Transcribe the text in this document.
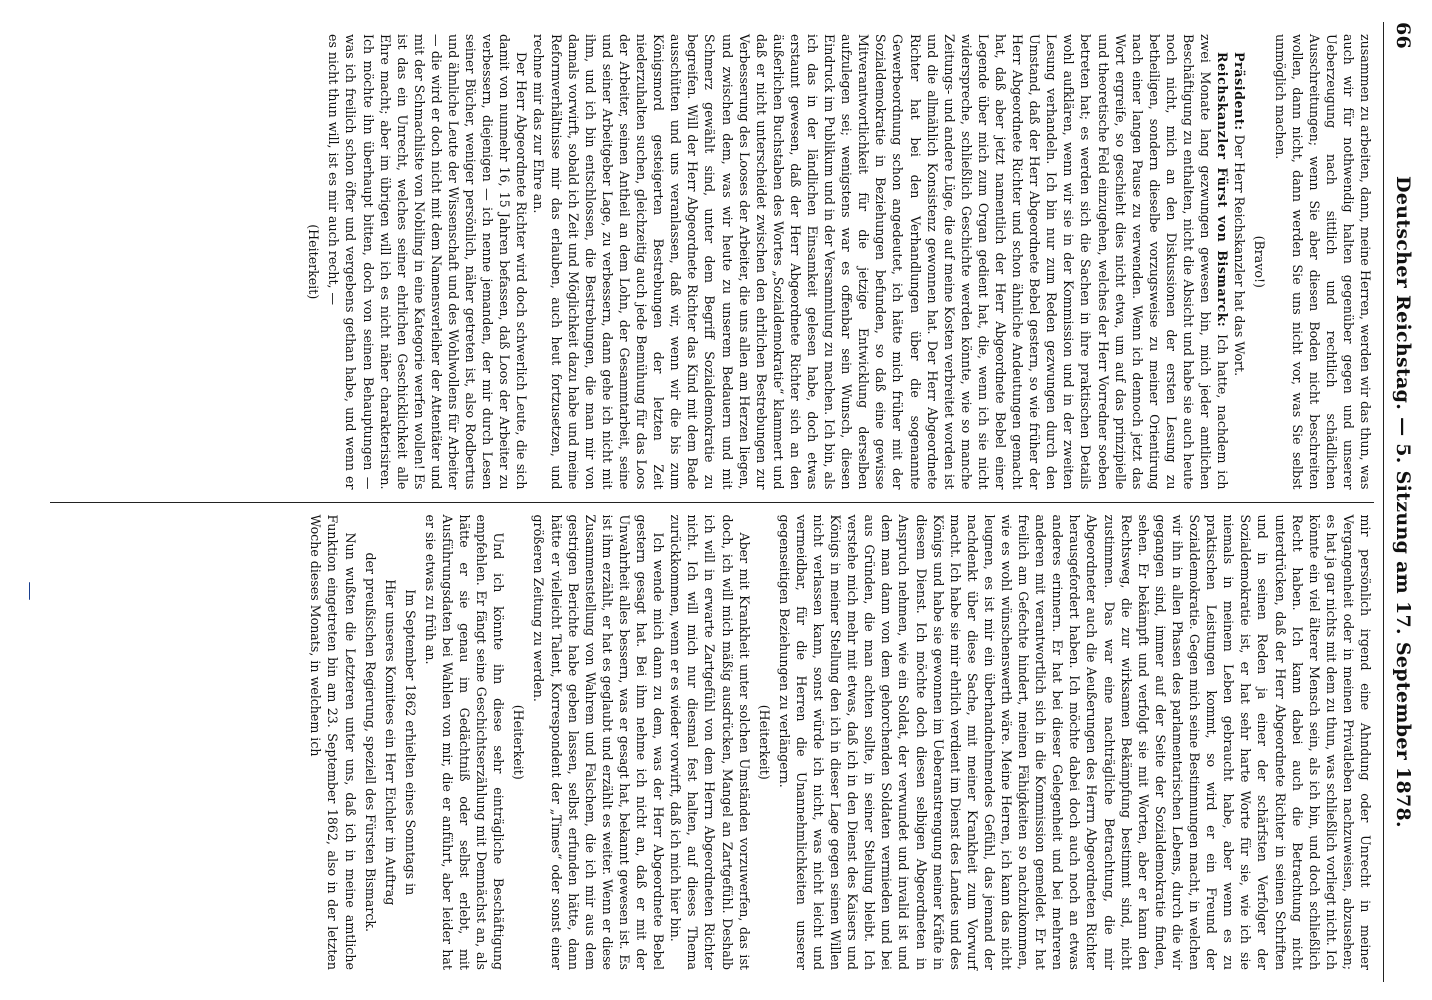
66
Deutscher Reichstag. — 5. Sitzung am 17. September 1878.

zusammen zu arbeiten, dann, meine Herren, werden wir das thun, was auch wir für nothwendig halten gegenüber gegen und unserer Ueberzeugung nach sittlich und rechtlich schädlichen Ausschreitungen; wenn Sie aber diesen Boden nicht beschreiten wollen, dann nicht, dann werden Sie uns nicht vor, was Sie selbst unmöglich machen.

(Bravo!)

Präsident: Der Herr Reichskanzler hat das Wort.

Reichskanzler Fürst von Bismarck: Ich hatte, nachdem ich zwei Monate lang gezwungen gewesen bin, mich jeder amtlichen Beschäftigung zu enthalten, nicht die Absicht und habe sie auch heute noch nicht, mich an den Diskussionen der ersten Lesung zu betheiligen, sondern dieselbe vorzugsweise zu meiner Orientirung nach einer langen Pause zu verwenden. Wenn ich dennoch jetzt das Wort ergreife, so geschieht dies nicht etwa, um auf das prinzipielle und theoretische Feld einzugehen, welches der Herr Vorredner soeben betreten hat; es werden sich die Sachen in ihre praktischen Details wohl aufklären, wenn wir sie in der Kommission und in der zweiten Lesung verhandeln. Ich bin nur zum Reden gezwungen durch den Umstand, daß der Herr Abgeordnete Bebel gestern, so wie früher der Herr Abgeordnete Richter und schon ähnliche Andeutungen gemacht hat, daß aber jetzt namentlich der Herr Abgeordnete Bebel einer Legende über mich zum Organ gedient hat, die, wenn ich sie nicht widerspreche, schließlich Geschichte werden könnte, wie so manche Zeitungs- und andere Lüge, die auf meine Kosten verbreitet worden ist und die allmählich Konsistenz gewonnen hat. Der Herr Abgeordnete Richter hat bei den Verhandlungen über die sogenannte Gewerbeordnung schon angedeutet, ich hätte mich früher mit der Sozialdemokratie in Beziehungen befunden, so daß eine gewisse Mitverantwortlichkeit für die jetzige Entwicklung derselben aufzulegen sei; wenigstens war es offenbar sein Wunsch, diesen Eindruck im Publikum und in der Versammlung zu machen. Ich bin, als ich das in der ländlichen Einsamkeit gelesen habe, doch etwas erstaunt gewesen, daß der Herr Abgeordnete Richter sich an den äußerlichen Buchstaben des Wortes „Sozialdemokratie“ klammert und daß er nicht unterscheidet zwischen den ehrlichen Bestrebungen zur Verbesserung des Looses der Arbeiter, die uns allen am Herzen liegen, und zwischen dem, was wir heute zu unserem Bedauern und mit Schmerz gewählt sind, unter dem Begriff Sozialdemokratie zu begreifen. Will der Herr Abgeordnete Richter das Kind mit dem Bade ausschütten und uns veranlassen, daß wir, wenn wir die bis zum Königsmord gesteigerten Bestrebungen der letzten Zeit niederzuhalten suchen, gleichzeitig auch jede Bemühung für das Loos der Arbeiter, seinen Antheil an dem Lohn, der Gesammtarbeit, seine und seiner Arbeitgeber Lage, zu verbessern, dann gehe ich nicht mit ihm, und ich bin entschlossen, die Bestrebungen, die man mir von damals vorwirft, sobald ich Zeit und Möglichkeit dazu habe und meine Reformverhältnisse mir das erlauben, auch heut fortzusetzen, und rechne mir das zur Ehre an.

Der Herr Abgeordnete Richter wird doch schwerlich Leute, die sich damit von nunmehr 16, 15 Jahren befassen, daß Loos der Arbeiter zu verbessern, diejenigen — ich nenne jemanden, der mir durch Lesen seiner Bücher, weniger persönlich, näher getreten ist, also Rodbertus und ähnliche Leute der Wissenschaft und des Wohlwollens für Arbeiter — die wird er doch nicht mit dem Namensverleiher der Attentäter und mit der Schmachliste von Nobiling in eine Kategorie werfen wollen! Es ist das ein Unrecht, welches seiner ehrlichen Geschicklichkeit alle Ehre macht; aber im übrigen will ich es nicht näher charakterisiren. Ich möchte ihn überhaupt bitten, doch von seinen Behauptungen — was ich freilich schon öfter und vergebens gethan habe, und wenn er es nicht thun will, ist es mir auch recht, —

(Heiterkeit)

mir persönlich irgend eine Ahndung oder Unrecht in meiner Vergangenheit oder in meinen Privatleben nachzuweisen, abzusehen; es hat ja gar nichts mit dem zu thun, was schließlich vorliegt nicht. Ich könnte ein viel älterer Mensch sein, als ich bin, und doch schließlich Recht haben. Ich kann dabei auch die Betrachtung nicht unterdrücken, daß der Herr Abgeordnete Richter in seinen Schriften und in seinen Reden ja einer der schärfsten Verfolger der Sozialdemokratie ist, er hat sehr harte Worte für sie, wie ich sie niemals in meinem Leben gebraucht habe, aber wenn es zu praktischen Leistungen kommt, so wird er ein Freund der Sozialdemokratie. Gegen mich seine Bestimmungen macht, in welchen wir ihn in allen Phasen des parlamentarischen Lebens, durch die wir gegangen sind, immer auf der Seite der Sozialdemokratie finden, sehen. Er bekämpft und verfolgt sie mit Worten, aber er kann den Rechtsweg, die zur wirksamen Bekämpfung bestimmt sind, nicht zustimmen. Das war eine nachträgliche Betrachtung, die mir Abgeordneter auch die Aeußerungen des Herrn Abgeordneten Richter herausgefordert haben. Ich möchte dabei doch auch noch an etwas anderes erinnern. Er hat bei dieser Gelegenheit und bei mehreren anderen mit verantwortlich sich in die Kommission gemeldet. Er hat freilich am Gefechte hindert, meinen Fähigkeiten so nachzukommen, wie es wohl wünschenswerth wäre. Meine Herren, ich kann das nicht leugnen, es ist mir ein überhandnehmendes Gefühl, das jemand der nachdenkt über diese Sache, mit meiner Krankheit zum Vorwurf macht. Ich habe sie mir ehrlich verdient im Dienst des Landes und des Königs und habe sie gewonnen im Ueberanstrengung meiner Kräfte in diesem Dienst. Ich möchte doch diesen selbigen Abgeordneten in Anspruch nehmen, wie ein Soldat, der verwundet und invalid ist und dem man dann von dem gehorchenden Soldaten vermieden und bei aus Gründen, die man achten sollte, in seiner Stellung bleibt. Ich verstehe mich mehr mit etwas, daß ich in den Dienst des Kaisers und Königs in meiner Stellung den ich in dieser Lage gegen seinen Willen nicht verlassen kann, sonst würde ich nicht, was nicht leicht und vermeidbar, für die Herren die Unannehmlichkeiten unserer gegenseitigen Beziehungen zu verlängern.

(Heiterkeit)

Aber mit Krankheit unter solchen Umständen vorzuwerfen, das ist doch, ich will mich mäßig ausdrücken, Mangel an Zartgefühl. Deshalb ich will in erwarte Zartgefühl von dem Herrn Abgeordneten Richter nicht. Ich will mich nur diesmal fest halten, auf dieses Thema zurückkommen, wenn er es wieder vorwirft, daß ich mich hier bin.

Ich wende mich dann zu dem, was der Herr Abgeordnete Bebel gestern gesagt hat. Bei ihm nehme ich nicht an, daß er mit der Unwahrheit alles bessern, was er gesagt hat, bekannt gewesen ist. Es ist ihm erzählt, er hat es geglaubt und erzählt es weiter. Wenn er diese Zusammenstellung von Wahrem und Falschem, die ich mir aus dem gestrigen Berichte habe geben lassen, selbst erfunden hätte, dann hätte er vielleicht Talent, Korrespondent der „Times“ oder sonst einer größeren Zeitung zu werden.

(Heiterkeit)

Und ich könnte ihn diese sehr einträgliche Beschäftigung empfehlen. Er fängt seine Geschichtserzählung mit Demnächst an, als hätte er sie genau im Gedächtniß oder selbst erlebt, mit Ausführungsdaten bei Wahlen von mir, die er anführt, aber leider hat er sie etwas zu früh an.

Im September 1862 erhielten eines Sonntags in

Hier unseres Komitees ein Herr Eichler im Auftrag

der preußischen Regierung, speziell des Fürsten Bismarck.

Nun wußten die Letzteren unter uns, daß ich in meine amtliche Funktion eingetreten bin am 23. September 1862, also in der letzten Woche dieses Monats, in welchem ich
